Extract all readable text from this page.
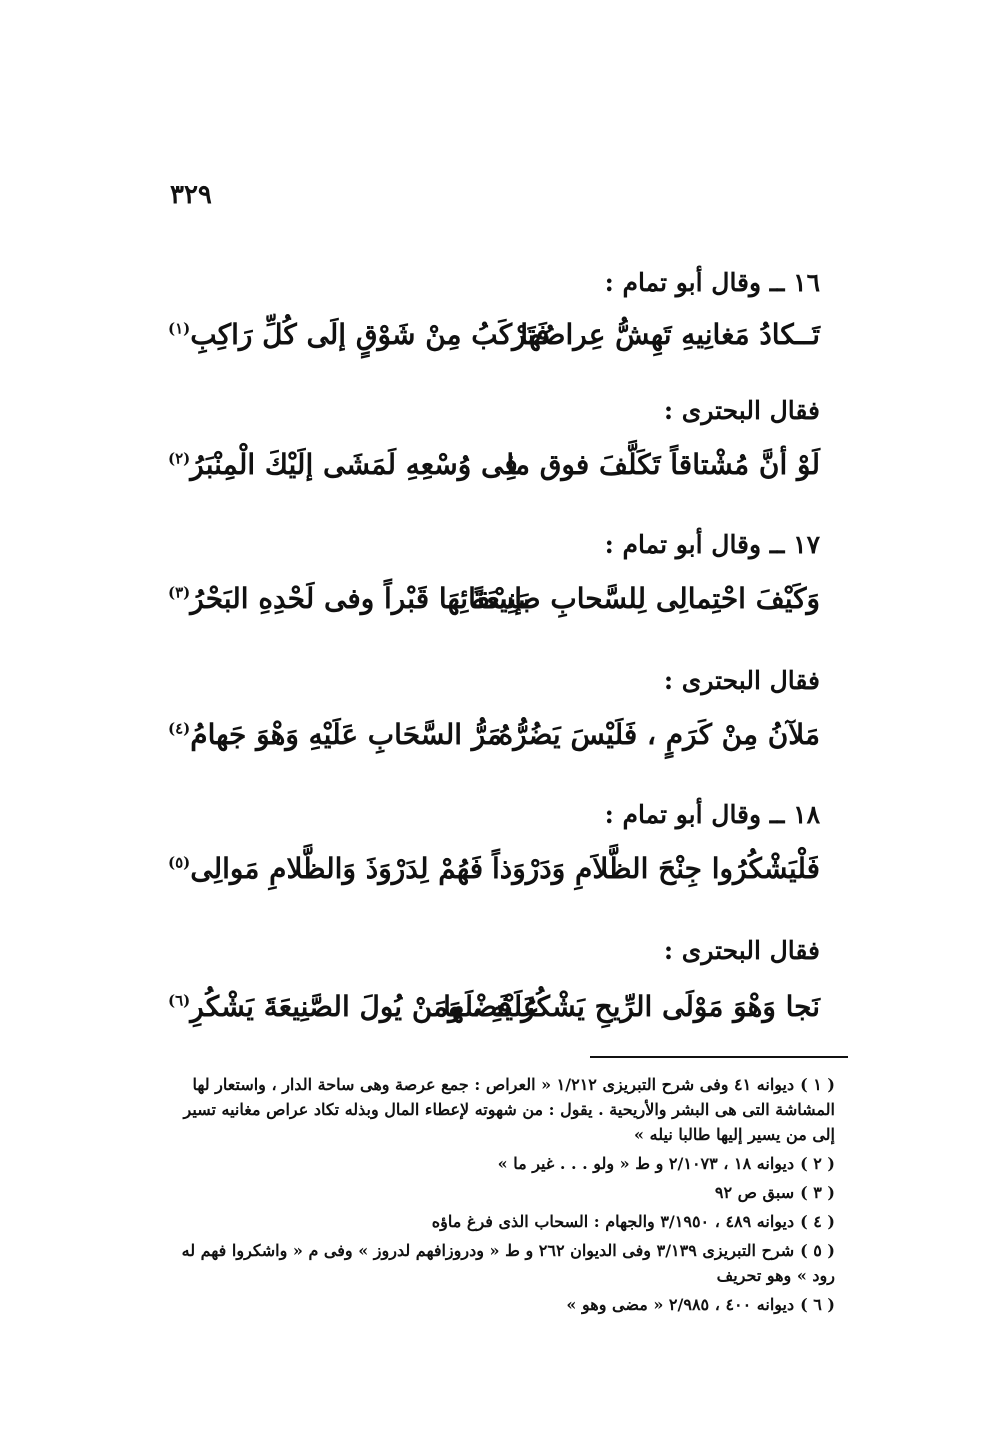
٣٢٩
١٦ ــ وقال أبو تمام :
تَــكادُ مَغانِيهِ تَهِشُّ عِراصُها
فَتَرْكَبُ مِنْ شَوْقٍ إلَى كُلِّ رَاكِبِ$^{(١)}$
فقال البحترى :
لَوْ أنَّ مُشْتاقاً تَكَلَّفَ فوق ما
فِى وُسْعِهِ لَمَشَى إلَيْكَ الْمِنْبَرُ$^{(٢)}$
١٧ ــ وقال أبو تمام :
وَكَيْفَ احْتِمالِى لِلسَّحابِ صَنِيعَةً
بإسْقائِهَا قَبْراً وفى لَحْدِهِ البَحْرُ$^{(٣)}$
فقال البحترى :
مَلآنُ مِنْ كَرَمٍ ، فَلَيْسَ يَضُرُّهُ
مَرُّ السَّحَابِ عَلَيْهِ وَهْوَ جَهامُ$^{(٤)}$
١٨ ــ وقال أبو تمام :
فَلْيَشْكُرُوا جِنْحَ الظَّلاَمِ وَدَرْوَذاً
فَهُمْ لِدَرْوَذَ وَالظَّلامِ مَوالِى$^{(٥)}$
فقال البحترى :
نَجا وَهْوَ مَوْلَى الرِّيحِ يَشْكُرُ فَضْلَها
عَلَيْهِ ، وَمَنْ يُولَ الصَّنِيعَةَ يَشْكُرِ$^{(٦)}$

( ١ )ديوانه ٤١ وفى شرح التبريزى ١/٢١٢ « العراص : جمع عرصة وهى ساحة الدار ، واستعار لها المشاشة التى هى البشر والأريحية . يقول : من شهوته لإعطاء المال وبذله تكاد عراص مغانيه تسير إلى من يسير إليها طالبا نيله »

( ٢ )ديوانه ١٨ ، ٢/١٠٧٣ و ط « ولو . . . غير ما »

( ٣ )سبق ص ٩٢

( ٤ )ديوانه ٤٨٩ ، ٣/١٩٥٠ والجهام : السحاب الذى فرغ ماؤه

( ٥ )شرح التبريزى ٣/١٣٩ وفى الديوان ٢٦٢ و ط « ودروزافهم لدروز » وفى م « واشكروا فهم له رود » وهو تحريف

( ٦ )ديوانه ٤٠٠ ، ٢/٩٨٥ « مضى وهو »
